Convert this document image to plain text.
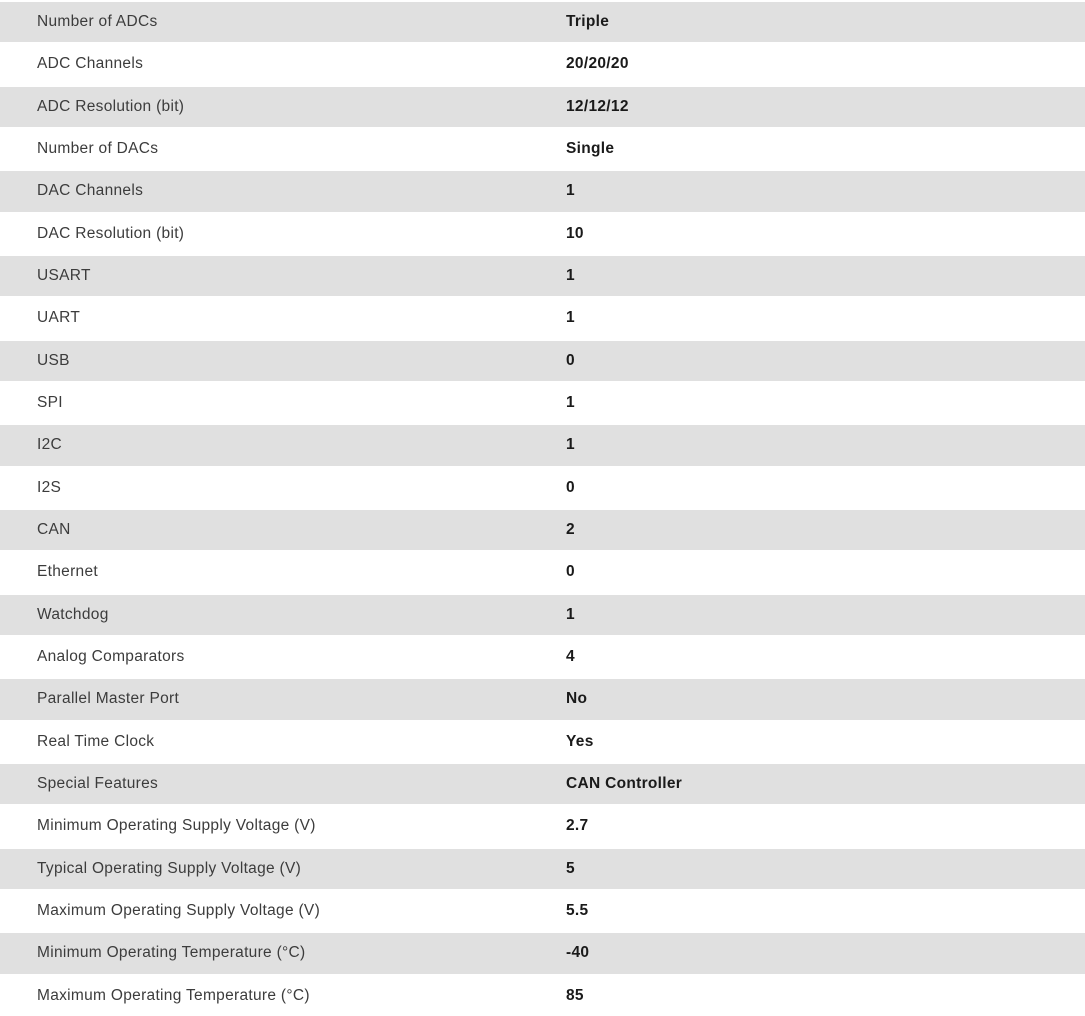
Number of ADCs	Triple
ADC Channels	20/20/20
ADC Resolution (bit)	12/12/12
Number of DACs	Single
DAC Channels	1
DAC Resolution (bit)	10
USART	1
UART	1
USB	0
SPI	1
I2C	1
I2S	0
CAN	2
Ethernet	0
Watchdog	1
Analog Comparators	4
Parallel Master Port	No
Real Time Clock	Yes
Special Features	CAN Controller
Minimum Operating Supply Voltage (V)	2.7
Typical Operating Supply Voltage (V)	5
Maximum Operating Supply Voltage (V)	5.5
Minimum Operating Temperature (°C)	-40
Maximum Operating Temperature (°C)	85
